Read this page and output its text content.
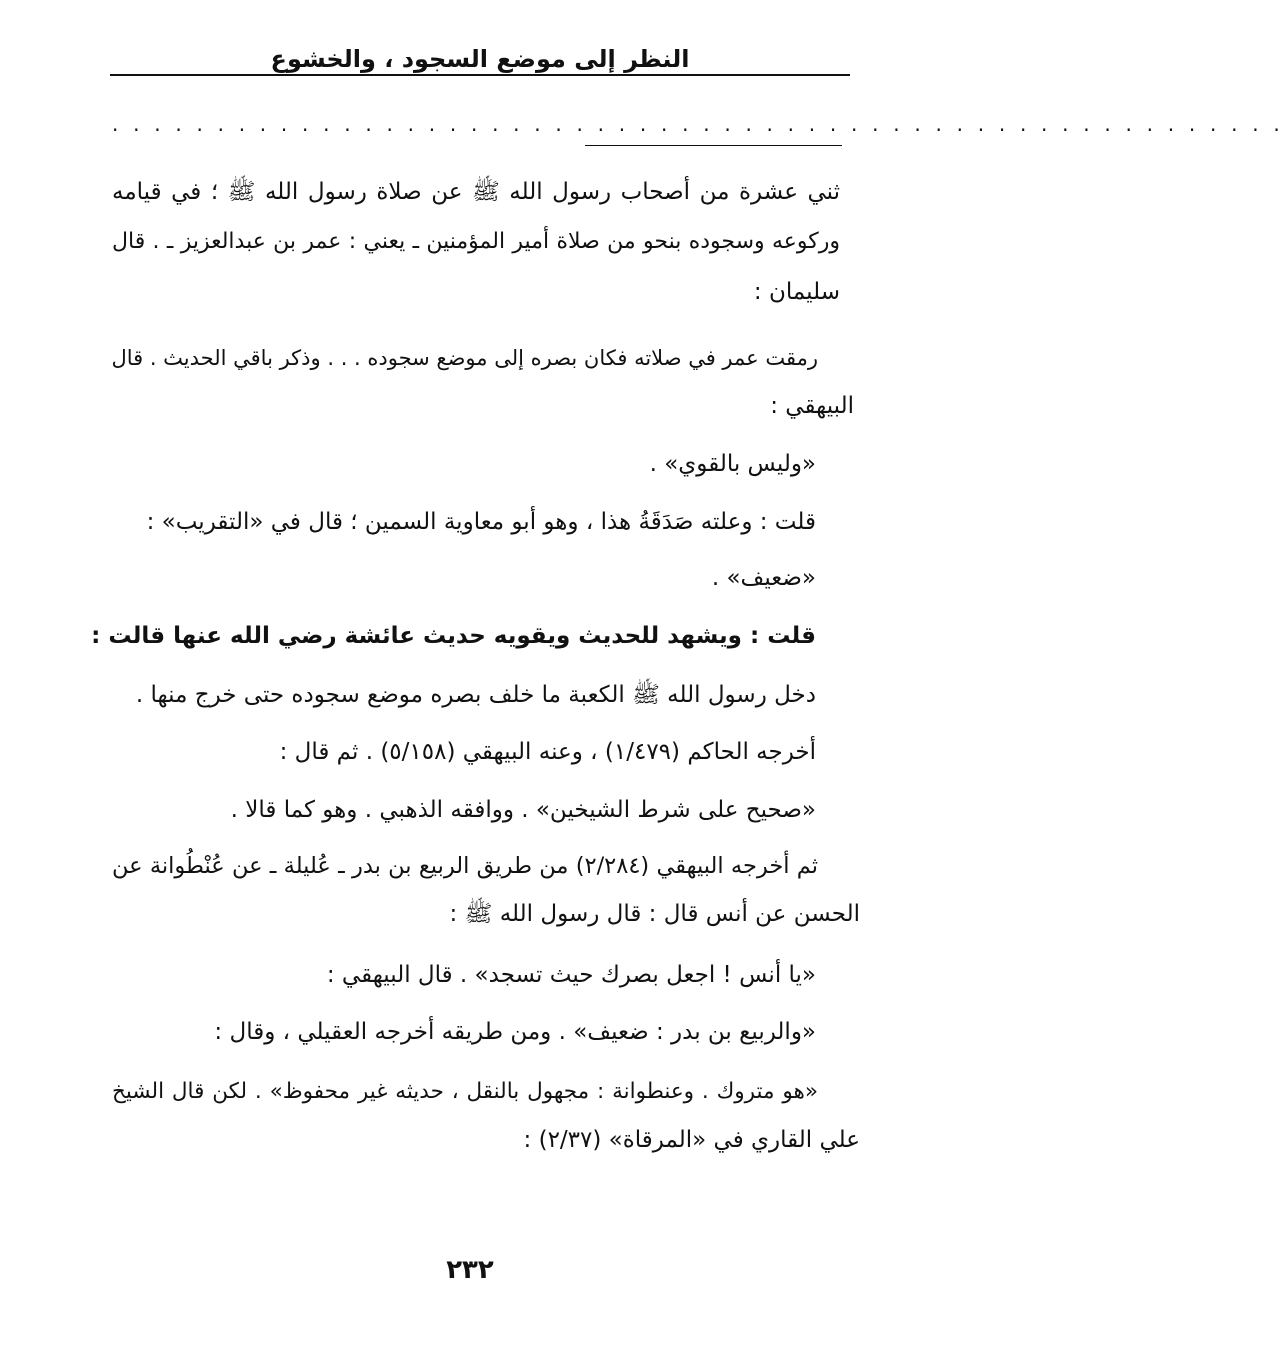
النظر إلى موضع السجود ، والخشوع
. . . . . . . . . . . . . . . . . . . . . . . . . . . . . . . . . . . . . . . . . . . . . . . . . . . . . . . .
ثني عشرة من أصحاب رسول الله ﷺ عن صلاة رسول الله ﷺ ؛ في قيامه
وركوعه وسجوده بنحو من صلاة أمير المؤمنين ـ يعني : عمر بن عبدالعزيز ـ . قال
سليمان :
رمقت عمر في صلاته فكان بصره إلى موضع سجوده . . . وذكر باقي الحديث . قال
البيهقي :
«وليس بالقوي» .
قلت : وعلته صَدَقَةُ هذا ، وهو أبو معاوية السمين ؛ قال في «التقريب» :
«ضعيف» .
قلت : ويشهد للحديث ويقويه حديث عائشة رضي الله عنها قالت :
دخل رسول الله ﷺ الكعبة ما خلف بصره موضع سجوده حتى خرج منها .
أخرجه الحاكم (١/٤٧٩) ، وعنه البيهقي (٥/١٥٨) . ثم قال :
«صحيح على شرط الشيخين» . ووافقه الذهبي . وهو كما قالا .
ثم أخرجه البيهقي (٢/٢٨٤) من طريق الربيع بن بدر ـ عُليلة ـ عن عُنْطُوانة عن
الحسن عن أنس قال : قال رسول الله ﷺ :
«يا أنس ! اجعل بصرك حيث تسجد» . قال البيهقي :
«والربيع بن بدر : ضعيف» . ومن طريقه أخرجه العقيلي ، وقال :
«هو متروك . وعنطوانة : مجهول بالنقل ، حديثه غير محفوظ» . لكن قال الشيخ
علي القاري في «المرقاة» (٢/٣٧) :
٢٣٢
